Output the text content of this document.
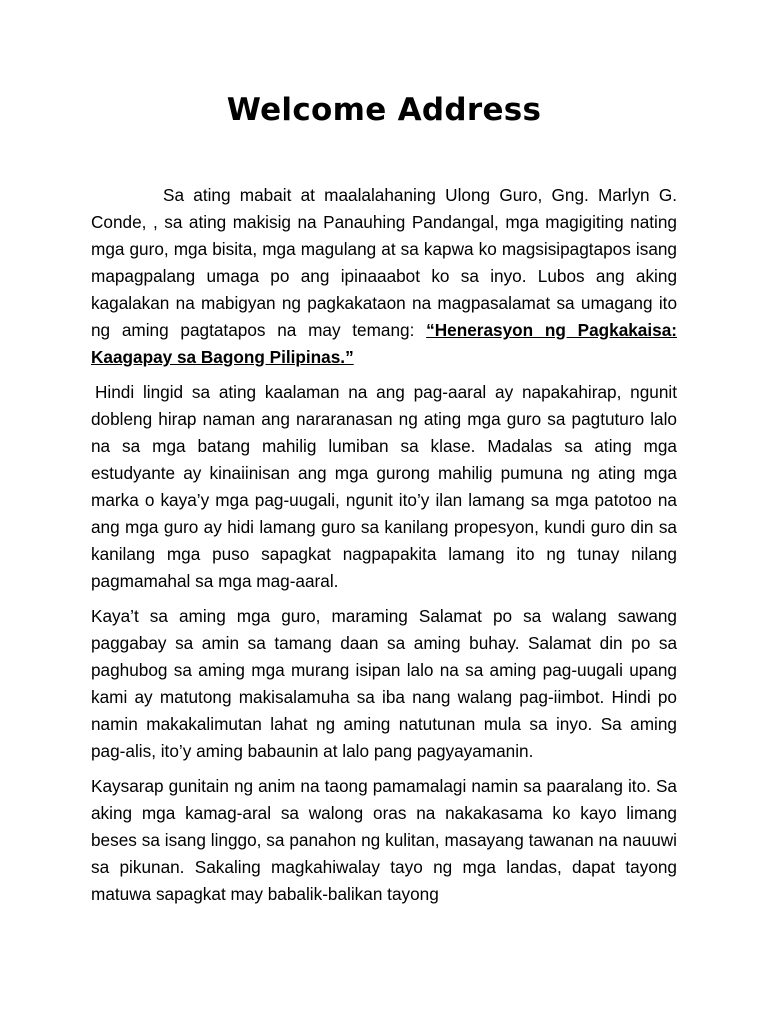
Welcome Address

Sa ating mabait at maalalahaning Ulong Guro, Gng. Marlyn G. Conde, , sa ating makisig na Panauhing Pandangal, mga magigiting nating mga guro, mga bisita, mga magulang at sa kapwa ko magsisipagtapos isang mapagpalang umaga po ang ipinaaabot ko sa inyo. Lubos ang aking kagalakan na mabigyan ng pagkakataon na magpasalamat sa umagang ito ng aming pagtatapos na may temang: “Henerasyon ng Pagkakaisa: Kaagapay sa Bagong Pilipinas.”

Hindi lingid sa ating kaalaman na ang pag-aaral ay napakahirap, ngunit dobleng hirap naman ang nararanasan ng ating mga guro sa pagtuturo lalo na sa mga batang mahilig lumiban sa klase. Madalas sa ating mga estudyante ay kinaiinisan ang mga gurong mahilig pumuna ng ating mga marka o kaya’y mga pag-uugali, ngunit ito’y ilan lamang sa mga patotoo na ang mga guro ay hidi lamang guro sa kanilang propesyon, kundi guro din sa kanilang mga puso sapagkat nagpapakita lamang ito ng tunay nilang pagmamahal sa mga mag-aaral.

Kaya’t sa aming mga guro, maraming Salamat po sa walang sawang paggabay sa amin sa tamang daan sa aming buhay. Salamat din po sa paghubog sa aming mga murang isipan lalo na sa aming pag-uugali upang kami ay matutong makisalamuha sa iba nang walang pag-iimbot. Hindi po namin makakalimutan lahat ng aming natutunan mula sa inyo. Sa aming pag-alis, ito’y aming babaunin at lalo pang pagyayamanin.

Kaysarap gunitain ng anim na taong pamamalagi namin sa paaralang ito. Sa aking mga kamag-aral sa walong oras na nakakasama ko kayo limang beses sa isang linggo, sa panahon ng kulitan, masayang tawanan na nauuwi sa pikunan. Sakaling magkahiwalay tayo ng mga landas, dapat tayong matuwa sapagkat may babalik-balikan tayong
